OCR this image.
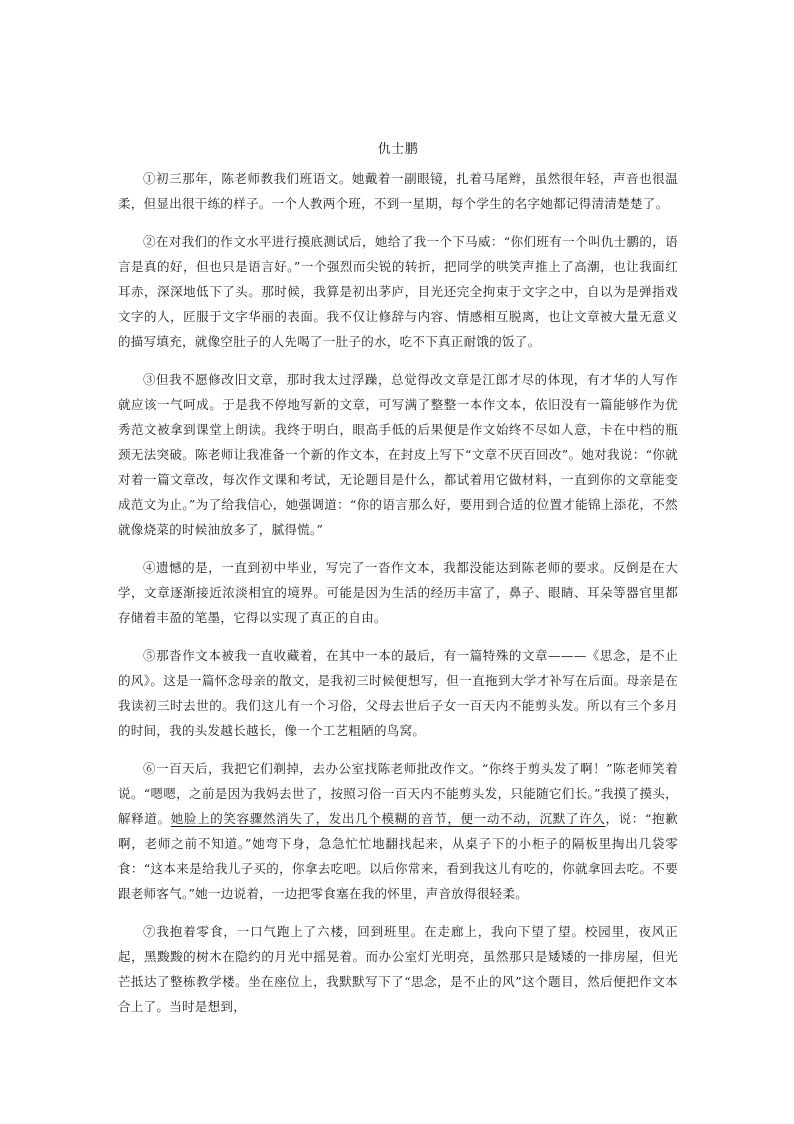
仇士鹏

①初三那年，陈老师教我们班语文。她戴着一副眼镜，扎着马尾辫，虽然很年轻，声音也很温柔，但显出很干练的样子。一个人教两个班，不到一星期，每个学生的名字她都记得清清楚楚了。

②在对我们的作文水平进行摸底测试后，她给了我一个下马威：“你们班有一个叫仇士鹏的，语言是真的好，但也只是语言好。”一个强烈而尖锐的转折，把同学的哄笑声推上了高潮，也让我面红耳赤，深深地低下了头。那时候，我算是初出茅庐，目光还完全拘束于文字之中，自以为是弹指戏文字的人，匠服于文字华丽的表面。我不仅让修辞与内容、情感相互脱离，也让文章被大量无意义的描写填充，就像空肚子的人先喝了一肚子的水，吃不下真正耐饿的饭了。

③但我不愿修改旧文章，那时我太过浮躁，总觉得改文章是江郎才尽的体现，有才华的人写作就应该一气呵成。于是我不停地写新的文章，可写满了整整一本作文本，依旧没有一篇能够作为优秀范文被拿到课堂上朗读。我终于明白，眼高手低的后果便是作文始终不尽如人意，卡在中档的瓶颈无法突破。陈老师让我准备一个新的作文本，在封皮上写下“文章不厌百回改”。她对我说：“你就对着一篇文章改，每次作文课和考试，无论题目是什么，都试着用它做材料，一直到你的文章能变成范文为止。”为了给我信心，她强调道：“你的语言那么好，要用到合适的位置才能锦上添花，不然就像烧菜的时候油放多了，腻得慌。”

④遗憾的是，一直到初中毕业，写完了一沓作文本，我都没能达到陈老师的要求。反倒是在大学，文章逐渐接近浓淡相宜的境界。可能是因为生活的经历丰富了，鼻子、眼睛、耳朵等器官里都存储着丰盈的笔墨，它得以实现了真正的自由。

⑤那沓作文本被我一直收藏着，在其中一本的最后，有一篇特殊的文章———《思念，是不止的风》。这是一篇怀念母亲的散文，是我初三时候便想写，但一直拖到大学才补写在后面。母亲是在我读初三时去世的。我们这儿有一个习俗，父母去世后子女一百天内不能剪头发。所以有三个多月的时间，我的头发越长越长，像一个工艺粗陋的鸟窝。

⑥一百天后，我把它们剃掉，去办公室找陈老师批改作文。“你终于剪头发了啊！”陈老师笑着说。“嗯嗯，之前是因为我妈去世了，按照习俗一百天内不能剪头发，只能随它们长。”我摸了摸头，解释道。她脸上的笑容骤然消失了，发出几个模糊的音节，便一动不动，沉默了许久，说：“抱歉啊，老师之前不知道。”她弯下身，急急忙忙地翻找起来，从桌子下的小柜子的隔板里掏出几袋零食：“这本来是给我儿子买的，你拿去吃吧。以后你常来，看到我这儿有吃的，你就拿回去吃。不要跟老师客气。”她一边说着，一边把零食塞在我的怀里，声音放得很轻柔。

⑦我抱着零食，一口气跑上了六楼，回到班里。在走廊上，我向下望了望。校园里，夜风正起，黑黢黢的树木在隐约的月光中摇晃着。而办公室灯光明亮，虽然那只是矮矮的一排房屋，但光芒抵达了整栋教学楼。坐在座位上，我默默写下了“思念，是不止的风”这个题目，然后便把作文本合上了。当时是想到，
